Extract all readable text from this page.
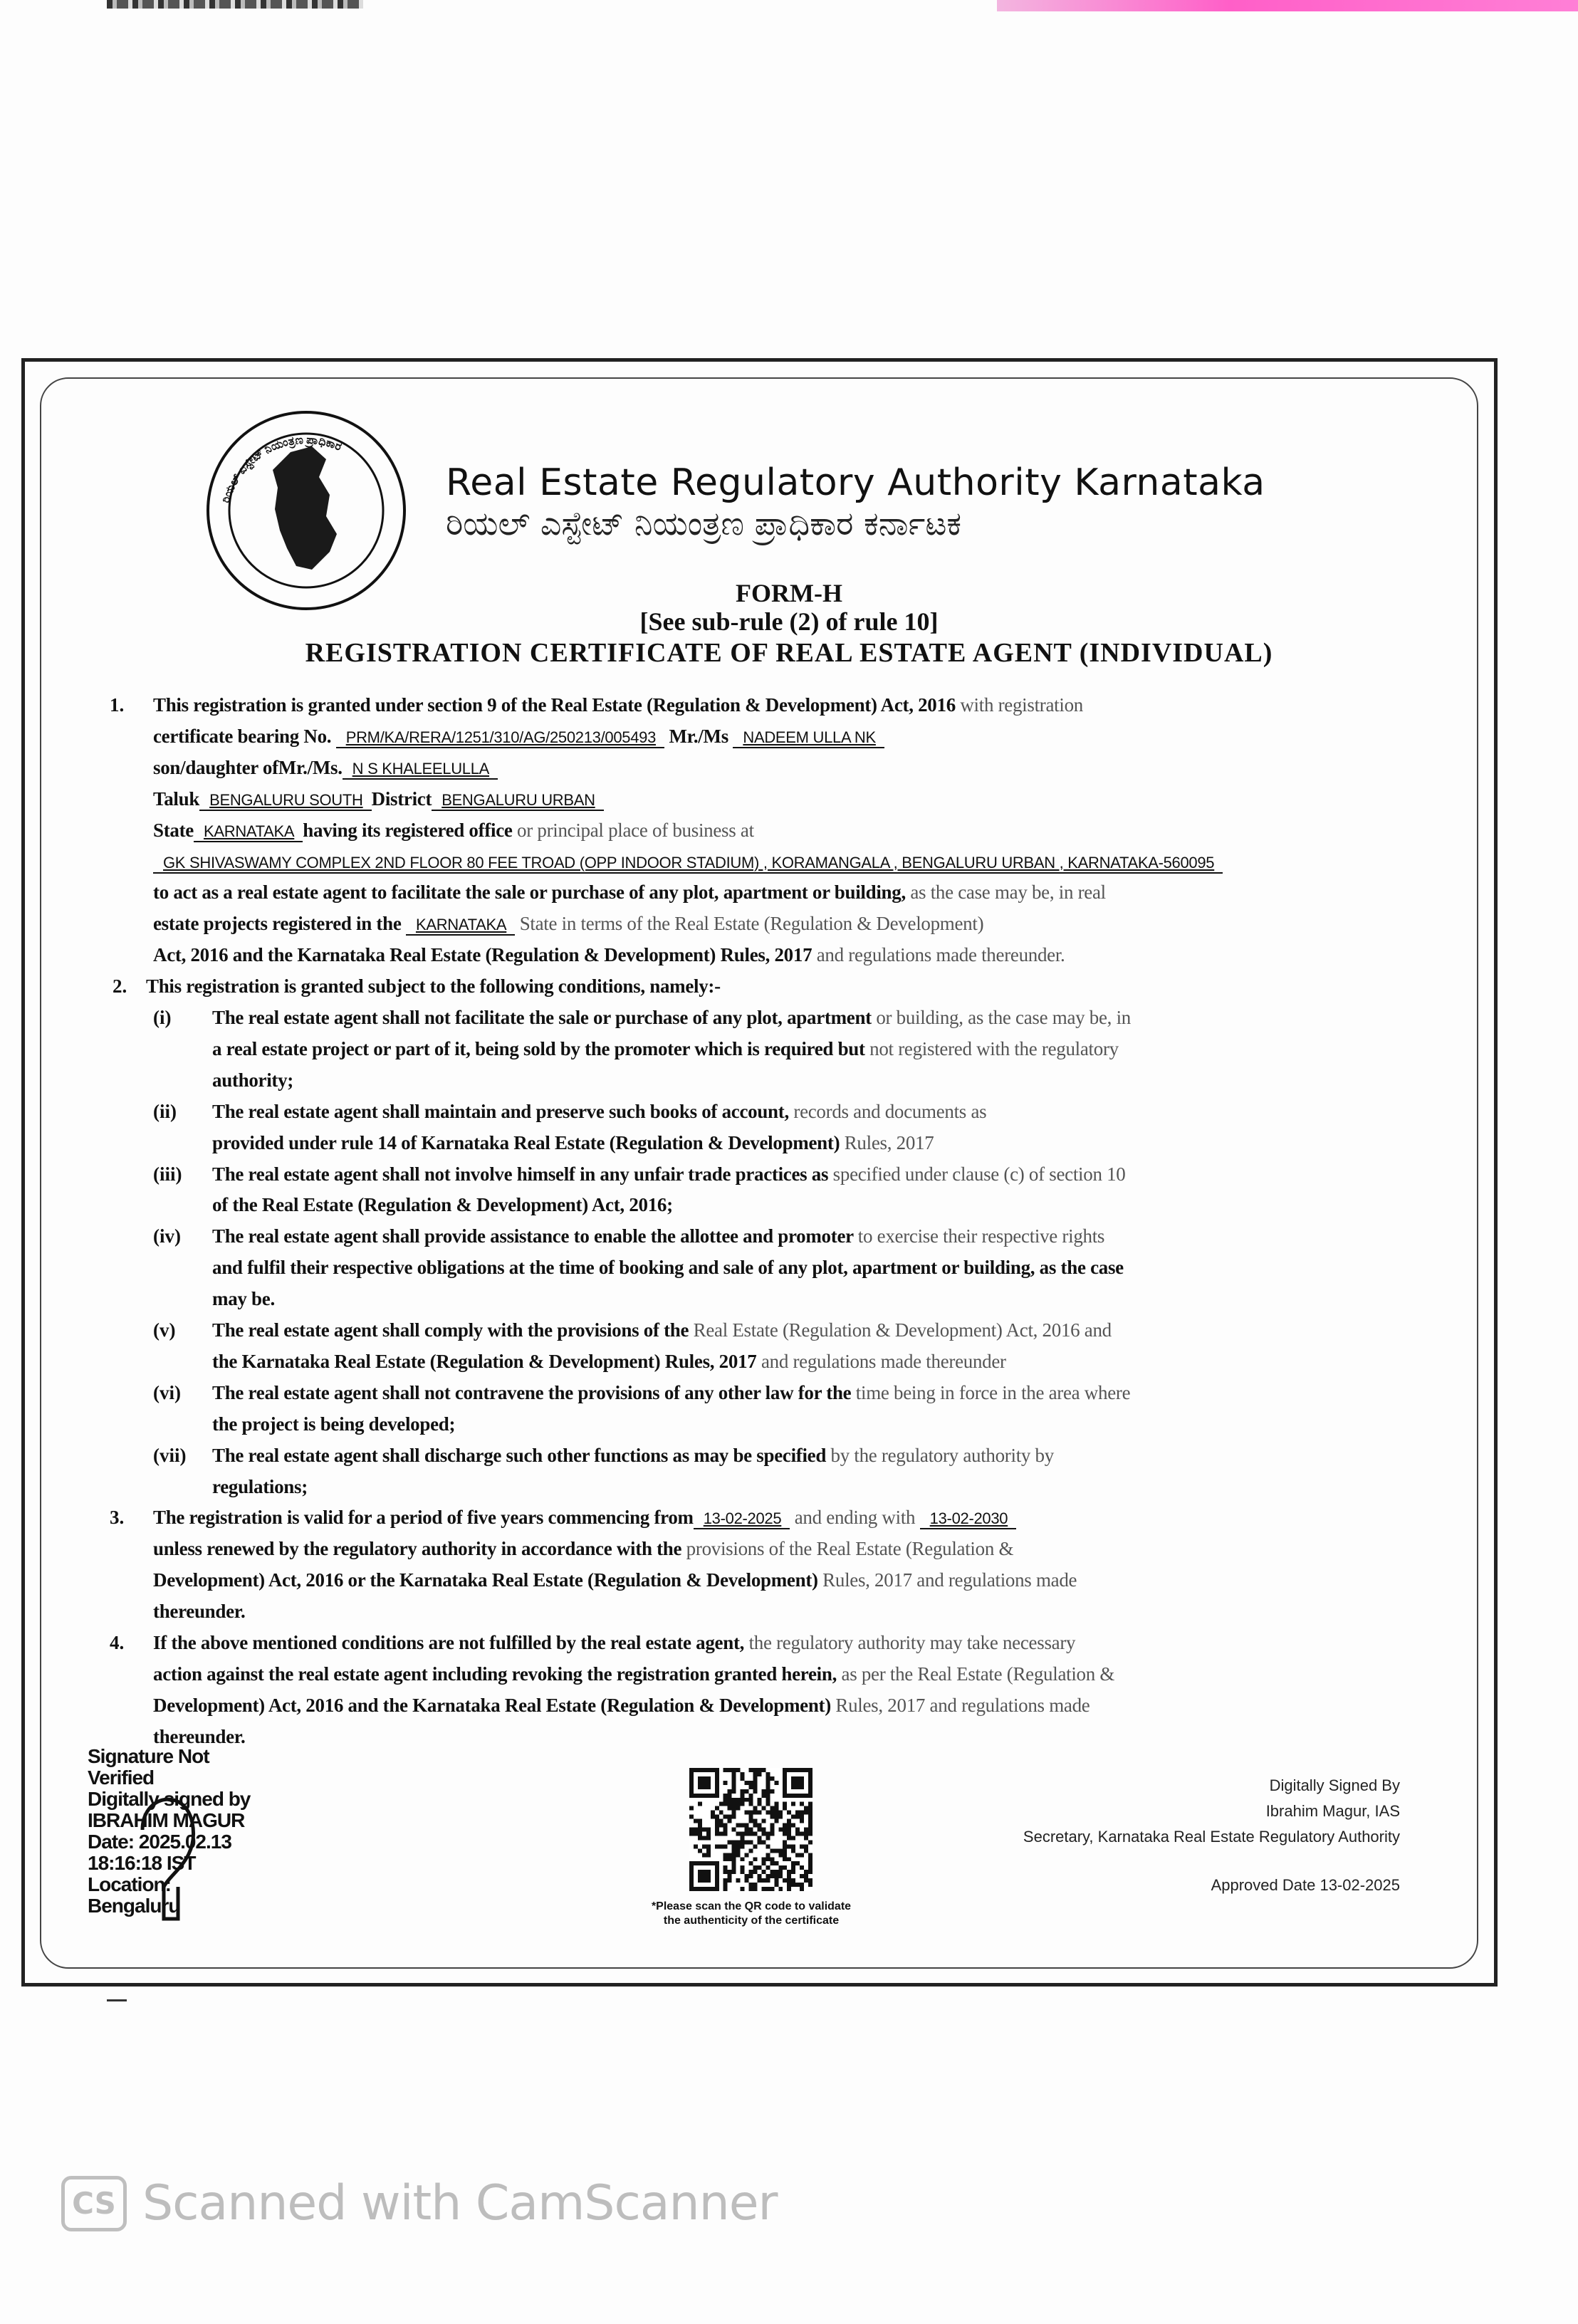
ರಿಯಲ್ ಎಸ್ಟೇಟ್ ನಿಯಂತ್ರಣ ಪ್ರಾಧಿಕಾರ
Real Estate Regulatory Authority Karnataka
ರಿಯಲ್ ಎಸ್ಟೇಟ್ ನಿಯಂತ್ರಣ ಪ್ರಾಧಿಕಾರ ಕರ್ನಾಟಕ
FORM-H
[See sub-rule (2) of rule 10]
REGISTRATION CERTIFICATE OF REAL ESTATE AGENT (INDIVIDUAL)
1. This registration is granted under section 9 of the Real Estate (Regulation & Development) Act, 2016 with registration
certificate bearing No. PRM/KA/RERA/1251/310/AG/250213/005493 Mr./Ms NADEEM ULLA NK
son/daughter ofMr./Ms. N S KHALEELULLA
Taluk BENGALURU SOUTH District BENGALURU URBAN
State KARNATAKA having its registered office or principal place of business at
GK SHIVASWAMY COMPLEX 2ND FLOOR 80 FEE TROAD (OPP INDOOR STADIUM) , KORAMANGALA , BENGALURU URBAN , KARNATAKA-560095
to act as a real estate agent to facilitate the sale or purchase of any plot, apartment or building, as the case may be, in real
estate projects registered in the KARNATAKA State in terms of the Real Estate (Regulation & Development)
Act, 2016 and the Karnataka Real Estate (Regulation & Development) Rules, 2017 and regulations made thereunder.
2. This registration is granted subject to the following conditions, namely:-
(i) The real estate agent shall not facilitate the sale or purchase of any plot, apartment or building, as the case may be, in
a real estate project or part of it, being sold by the promoter which is required but not registered with the regulatory
authority;
(ii) The real estate agent shall maintain and preserve such books of account, records and documents as
provided under rule 14 of Karnataka Real Estate (Regulation & Development) Rules, 2017
(iii) The real estate agent shall not involve himself in any unfair trade practices as specified under clause (c) of section 10
of the Real Estate (Regulation & Development) Act, 2016;
(iv) The real estate agent shall provide assistance to enable the allottee and promoter to exercise their respective rights
and fulfil their respective obligations at the time of booking and sale of any plot, apartment or building, as the case
may be.
(v) The real estate agent shall comply with the provisions of the Real Estate (Regulation & Development) Act, 2016 and
the Karnataka Real Estate (Regulation & Development) Rules, 2017 and regulations made thereunder
(vi) The real estate agent shall not contravene the provisions of any other law for the time being in force in the area where
the project is being developed;
(vii) The real estate agent shall discharge such other functions as may be specified by the regulatory authority by
regulations;
3. The registration is valid for a period of five years commencing from 13-02-2025 and ending with 13-02-2030
unless renewed by the regulatory authority in accordance with the provisions of the Real Estate (Regulation &
Development) Act, 2016 or the Karnataka Real Estate (Regulation & Development) Rules, 2017 and regulations made
thereunder.
4. If the above mentioned conditions are not fulfilled by the real estate agent, the regulatory authority may take necessary
action against the real estate agent including revoking the registration granted herein, as per the Real Estate (Regulation &
Development) Act, 2016 and the Karnataka Real Estate (Regulation & Development) Rules, 2017 and regulations made
thereunder.
Signature Not
Verified
Digitally signed by
IBRAHIM MAGUR
Date: 2025.02.13
18:16:18 IST
Location:
Bengaluru	*Please scan the QR code to validate
the authenticity of the certificate
Digitally Signed By
Ibrahim Magur, IAS
Secretary, Karnataka Real Estate Regulatory Authority
Approved Date 13-02-2025
CS Scanned with CamScanner
